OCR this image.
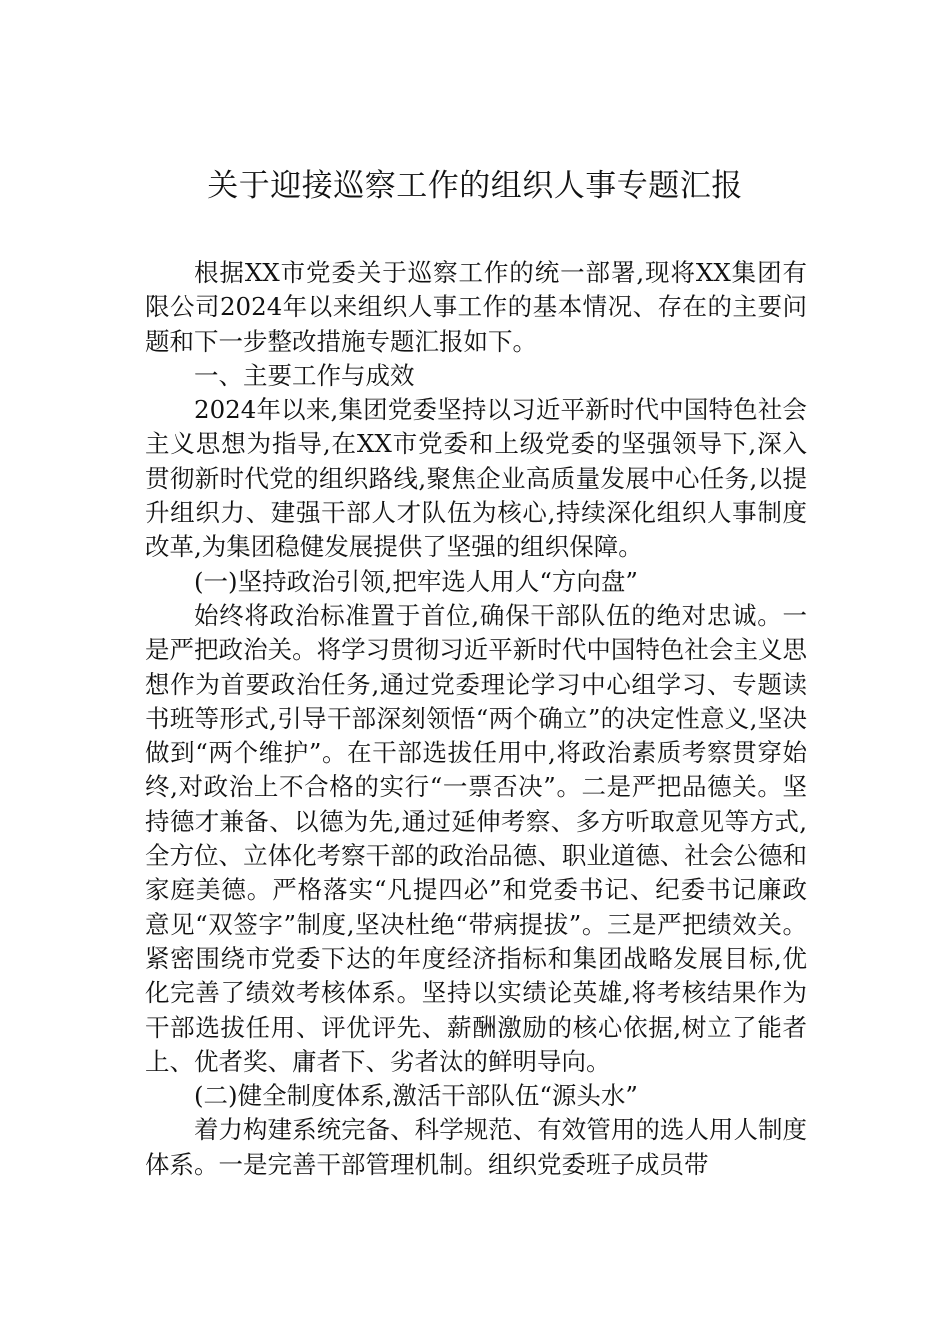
关于迎接巡察工作的组织人事专题汇报

根据XX市党委关于巡察工作的统一部署,现将XX集团有限公司2024年以来组织人事工作的基本情况、存在的主要问题和下一步整改措施专题汇报如下。

一、主要工作与成效

2024年以来,集团党委坚持以习近平新时代中国特色社会主义思想为指导,在XX市党委和上级党委的坚强领导下,深入贯彻新时代党的组织路线,聚焦企业高质量发展中心任务,以提升组织力、建强干部人才队伍为核心,持续深化组织人事制度改革,为集团稳健发展提供了坚强的组织保障。

(一)坚持政治引领,把牢选人用人“方向盘”

始终将政治标准置于首位,确保干部队伍的绝对忠诚。一是严把政治关。将学习贯彻习近平新时代中国特色社会主义思想作为首要政治任务,通过党委理论学习中心组学习、专题读书班等形式,引导干部深刻领悟“两个确立”的决定性意义,坚决做到“两个维护”。在干部选拔任用中,将政治素质考察贯穿始终,对政治上不合格的实行“一票否决”。二是严把品德关。坚持德才兼备、以德为先,通过延伸考察、多方听取意见等方式,全方位、立体化考察干部的政治品德、职业道德、社会公德和家庭美德。严格落实“凡提四必”和党委书记、纪委书记廉政意见“双签字”制度,坚决杜绝“带病提拔”。三是严把绩效关。紧密围绕市党委下达的年度经济指标和集团战略发展目标,优化完善了绩效考核体系。坚持以实绩论英雄,将考核结果作为干部选拔任用、评优评先、薪酬激励的核心依据,树立了能者上、优者奖、庸者下、劣者汰的鲜明导向。

(二)健全制度体系,激活干部队伍“源头水”

着力构建系统完备、科学规范、有效管用的选人用人制度体系。一是完善干部管理机制。组织党委班子成员带
